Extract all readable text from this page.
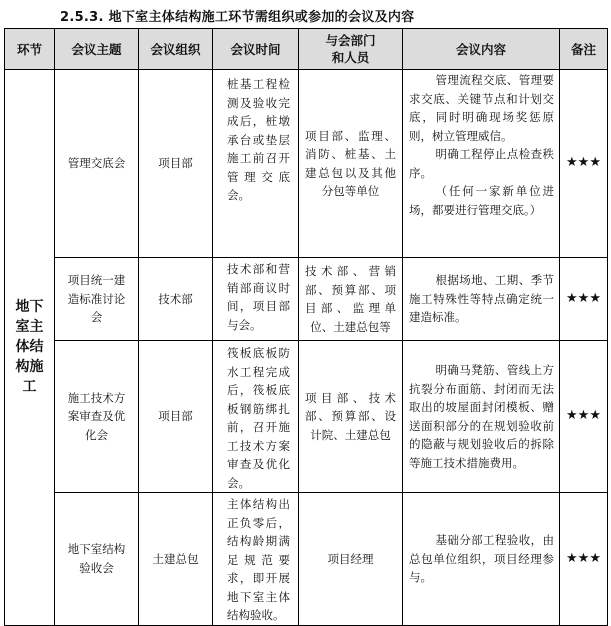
2.5.3. 地下室主体结构施工环节需组织或参加的会议及内容
环节	会议主题	会议组织	会议时间	与会部门
和人员	会议内容	备注
地下室主体结构施工	管理交底会	项目部	桩基工程检测及验收完成后，桩墩承台或垫层施工前召开管理交底会。	项目部、监理、消防、桩基、土建总包以及其他分包等单位	管理流程交底、管理要求交底、关键节点和计划交底，同时明确现场奖惩原则，树立管理威信。

明确工程停止点检查秩序。

（任何一家新单位进场，都要进行管理交底。）	★★★
	项目统一建造标准讨论会	技术部	技术部和营销部商议时间，项目部与会。	技术部、营销部、预算部、项目部、监理单位、土建总包等	根据场地、工期、季节施工特殊性等特点确定统一建造标准。	★★★
	施工技术方案审查及优化会	项目部	筏板底板防水工程完成后，筏板底板钢筋绑扎前，召开施工技术方案审查及优化会。	项目部、技术部、预算部、设计院、土建总包	明确马凳筋、管线上方抗裂分布面筋、封闭而无法取出的坡屋面封闭模板、赠送面积部分的在规划验收前的隐蔽与规划验收后的拆除等施工技术措施费用。	★★★
	地下室结构验收会	土建总包	主体结构出正负零后，结构龄期满足规范要求，即开展地下室主体结构验收。	项目经理	基础分部工程验收，由总包单位组织，项目经理参与。	★★★
